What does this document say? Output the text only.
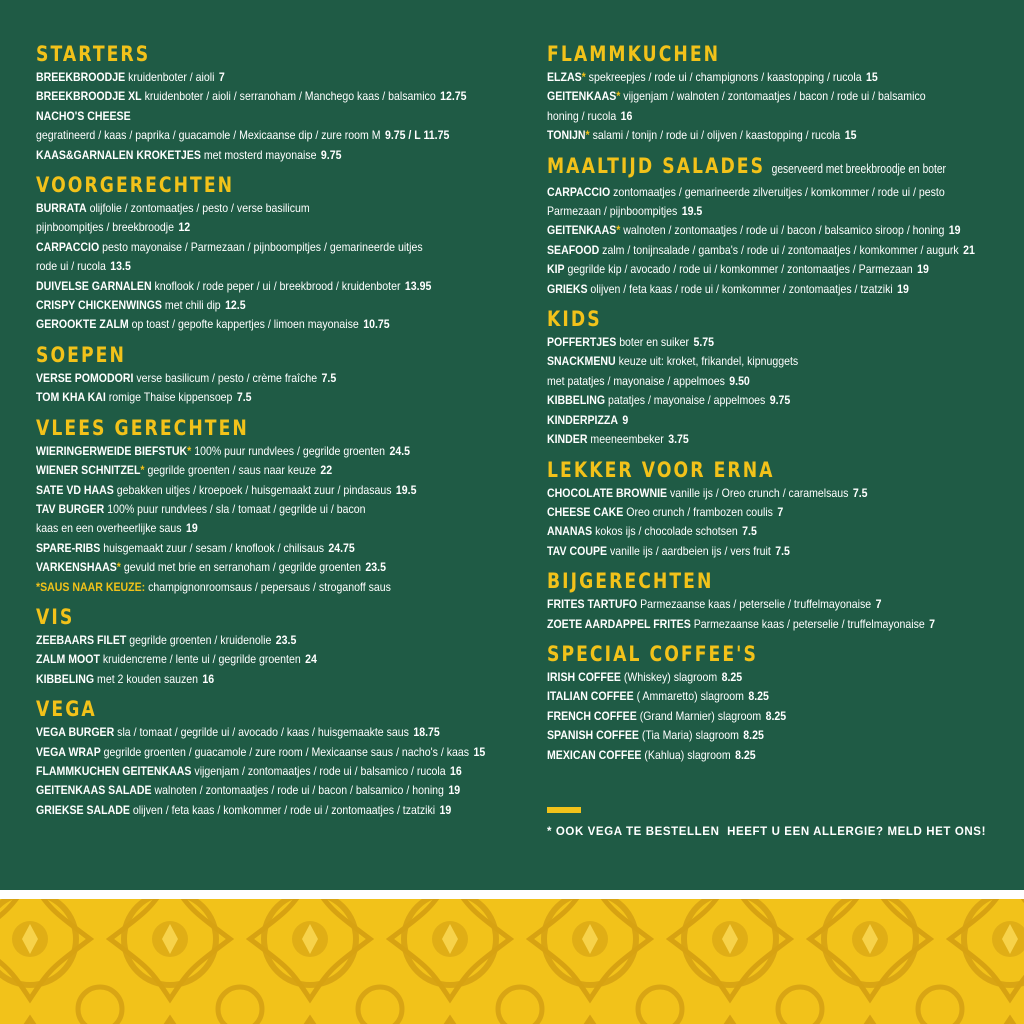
STARTERS
BREEKBROODJE kruidenboter / aioli 7
BREEKBROODJE XL kruidenboter / aioli / serranoham / Manchego kaas / balsamico 12.75
NACHO'S CHEESE
gegratineerd / kaas / paprika / guacamole / Mexicaanse dip / zure room M 9.75 / L 11.75
KAAS&GARNALEN KROKETJES met mosterd mayonaise 9.75
VOORGERECHTEN
BURRATA olijfolie / zontomaatjes / pesto / verse basilicum
pijnboompitjes / breekbroodje 12
CARPACCIO pesto mayonaise / Parmezaan / pijnboompitjes / gemarineerde uitjes
rode ui / rucola 13.5
DUIVELSE GARNALEN knoflook / rode peper / ui / breekbrood / kruidenboter 13.95
CRISPY CHICKENWINGS met chili dip 12.5
GEROOKTE ZALM op toast / gepofte kappertjes / limoen mayonaise 10.75
SOEPEN
VERSE POMODORI verse basilicum / pesto / crème fraîche 7.5
TOM KHA KAI romige Thaise kippensoep 7.5
VLEES GERECHTEN
WIERINGERWEIDE BIEFSTUK* 100% puur rundvlees / gegrilde groenten 24.5
WIENER SCHNITZEL* gegrilde groenten / saus naar keuze 22
SATE VD HAAS gebakken uitjes / kroepoek / huisgemaakt zuur / pindasaus 19.5
TAV BURGER 100% puur rundvlees / sla / tomaat / gegrilde ui / bacon
kaas en een overheerlijke saus 19
SPARE-RIBS huisgemaakt zuur / sesam / knoflook / chilisaus 24.75
VARKENSHAAS* gevuld met brie en serranoham / gegrilde groenten 23.5
*SAUS NAAR KEUZE: champignonroomsaus / pepersaus / stroganoff saus
VIS
ZEEBAARS FILET gegrilde groenten / kruidenolie 23.5
ZALM MOOT kruidencreme / lente ui / gegrilde groenten 24
KIBBELING met 2 kouden sauzen 16
VEGA
VEGA BURGER sla / tomaat / gegrilde ui / avocado / kaas / huisgemaakte saus 18.75
VEGA WRAP gegrilde groenten / guacamole / zure room / Mexicaanse saus / nacho's / kaas 15
FLAMMKUCHEN GEITENKAAS vijgenjam / zontomaatjes / rode ui / balsamico / rucola 16
GEITENKAAS SALADE walnoten / zontomaatjes / rode ui / bacon / balsamico / honing 19
GRIEKSE SALADE olijven / feta kaas / komkommer / rode ui / zontomaatjes / tzatziki 19
FLAMMKUCHEN
ELZAS* spekreepjes / rode ui / champignons / kaastopping / rucola 15
GEITENKAAS* vijgenjam / walnoten / zontomaatjes / bacon / rode ui / balsamico
honing / rucola 16
TONIJN* salami / tonijn / rode ui / olijven / kaastopping / rucola 15
MAALTIJD SALADES geserveerd met breekbroodje en boter
CARPACCIO zontomaatjes / gemarineerde zilveruitjes / komkommer / rode ui / pesto
Parmezaan / pijnboompitjes 19.5
GEITENKAAS* walnoten / zontomaatjes / rode ui / bacon / balsamico siroop / honing 19
SEAFOOD zalm / tonijnsalade / gamba's / rode ui / zontomaatjes / komkommer / augurk 21
KIP gegrilde kip / avocado / rode ui / komkommer / zontomaatjes / Parmezaan 19
GRIEKS olijven / feta kaas / rode ui / komkommer / zontomaatjes / tzatziki 19
KIDS
POFFERTJES boter en suiker 5.75
SNACKMENU keuze uit: kroket, frikandel, kipnuggets
met patatjes / mayonaise / appelmoes 9.50
KIBBELING patatjes / mayonaise / appelmoes 9.75
KINDERPIZZA 9
KINDER meeneembeker 3.75
LEKKER VOOR ERNA
CHOCOLATE BROWNIE vanille ijs / Oreo crunch / caramelsaus 7.5
CHEESE CAKE Oreo crunch / frambozen coulis 7
ANANAS kokos ijs / chocolade schotsen 7.5
TAV COUPE vanille ijs / aardbeien ijs / vers fruit 7.5
BIJGERECHTEN
FRITES TARTUFO Parmezaanse kaas / peterselie / truffelmayonaise 7
ZOETE AARDAPPEL FRITES Parmezaanse kaas / peterselie / truffelmayonaise 7
SPECIAL COFFEE'S
IRISH COFFEE (Whiskey) slagroom 8.25
ITALIAN COFFEE ( Ammaretto) slagroom 8.25
FRENCH COFFEE (Grand Marnier) slagroom 8.25
SPANISH COFFEE (Tia Maria) slagroom 8.25
MEXICAN COFFEE (Kahlua) slagroom 8.25
* OOK VEGA TE BESTELLEN HEEFT U EEN ALLERGIE? MELD HET ONS!
